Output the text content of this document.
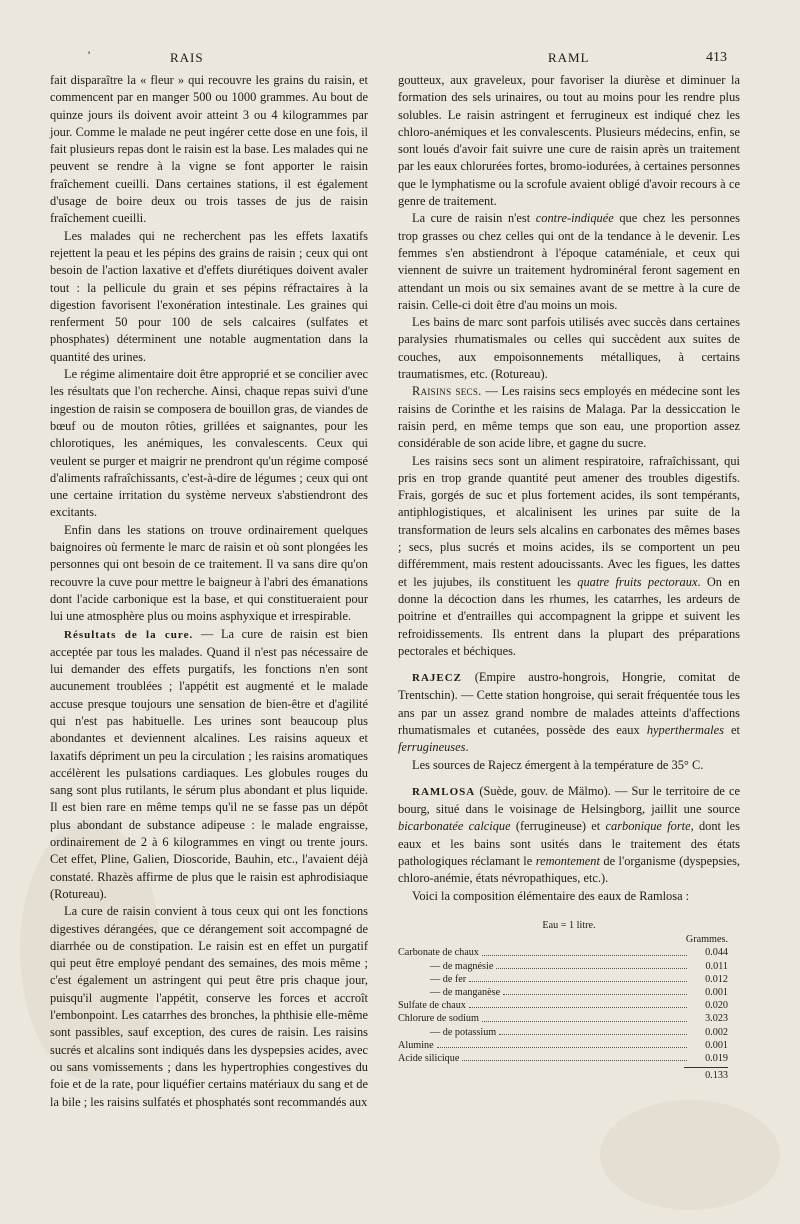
'	RAIS	RAML	413

fait disparaître la « fleur » qui recouvre les grains du raisin, et commencent par en manger 500 ou 1000 grammes. Au bout de quinze jours ils doivent avoir atteint 3 ou 4 kilogrammes par jour. Comme le malade ne peut ingérer cette dose en une fois, il fait plusieurs repas dont le raisin est la base. Les malades qui ne peuvent se rendre à la vigne se font apporter le raisin fraîchement cueilli. Dans certaines stations, il est également d'usage de boire deux ou trois tasses de jus de raisin fraîchement cueilli.

Les malades qui ne recherchent pas les effets laxatifs rejettent la peau et les pépins des grains de raisin ; ceux qui ont besoin de l'action laxative et d'effets diurétiques doivent avaler tout : la pellicule du grain et ses pépins réfractaires à la digestion favorisent l'exonération intestinale. Les graines qui renferment 50 pour 100 de sels calcaires (sulfates et phosphates) déterminent une notable augmentation dans la quantité des urines.

Le régime alimentaire doit être approprié et se concilier avec les résultats que l'on recherche. Ainsi, chaque repas suivi d'une ingestion de raisin se composera de bouillon gras, de viandes de bœuf ou de mouton rôties, grillées et saignantes, pour les chlorotiques, les anémiques, les convalescents. Ceux qui veulent se purger et maigrir ne prendront qu'un régime composé d'aliments rafraîchissants, c'est-à-dire de légumes ; ceux qui ont une certaine irritation du système nerveux s'abstiendront des excitants.

Enfin dans les stations on trouve ordinairement quelques baignoires où fermente le marc de raisin et où sont plongées les personnes qui ont besoin de ce traitement. Il va sans dire qu'on recouvre la cuve pour mettre le baigneur à l'abri des émanations dont l'acide carbonique est la base, et qui constitueraient pour lui une atmosphère plus ou moins asphyxique et irrespirable.

Résultats de la cure. — La cure de raisin est bien acceptée par tous les malades. Quand il n'est pas nécessaire de lui demander des effets purgatifs, les fonctions n'en sont aucunement troublées ; l'appétit est augmenté et le malade accuse presque toujours une sensation de bien-être et d'agilité qui n'est pas habituelle. Les urines sont beaucoup plus abondantes et deviennent alcalines. Les raisins aqueux et laxatifs dépriment un peu la circulation ; les raisins aromatiques accélèrent les pulsations cardiaques. Les globules rouges du sang sont plus rutilants, le sérum plus abondant et plus liquide. Il est bien rare en même temps qu'il ne se fasse pas un dépôt plus abondant de substance adipeuse : le malade engraisse, ordinairement de 2 à 6 kilogrammes en vingt ou trente jours. Cet effet, Pline, Galien, Dioscoride, Bauhin, etc., l'avaient déjà constaté. Rhazès affirme de plus que le raisin est aphrodisiaque (Rotureau).

La cure de raisin convient à tous ceux qui ont les fonctions digestives dérangées, que ce dérangement soit accompagné de diarrhée ou de constipation. Le raisin est en effet un purgatif qui peut être employé pendant des semaines, des mois même ; c'est également un astringent qui peut être pris chaque jour, puisqu'il augmente l'appétit, conserve les forces et accroît l'embonpoint. Les catarrhes des bronches, la phthisie elle-même sont passibles, sauf exception, des cures de raisin. Les raisins sucrés et alcalins sont indiqués dans les dyspepsies acides, avec ou sans vomissements ; dans les hypertrophies congestives du foie et de la rate, pour liquéfier certains matériaux du sang et de la bile ; les raisins sulfatés et phosphatés sont recommandés aux

goutteux, aux graveleux, pour favoriser la diurèse et diminuer la formation des sels urinaires, ou tout au moins pour les rendre plus solubles. Le raisin astringent et ferrugineux est indiqué chez les chloro-anémiques et les convalescents. Plusieurs médecins, enfin, se sont loués d'avoir fait suivre une cure de raisin après un traitement par les eaux chlorurées fortes, bromo-iodurées, à certaines personnes que le lymphatisme ou la scrofule avaient obligé d'avoir recours à ce genre de traitement.

La cure de raisin n'est contre-indiquée que chez les personnes trop grasses ou chez celles qui ont de la tendance à le devenir. Les femmes s'en abstiendront à l'époque cataméniale, et ceux qui viennent de suivre un traitement hydrominéral feront sagement en attendant un mois ou six semaines avant de se mettre à la cure de raisin. Celle-ci doit être d'au moins un mois.

Les bains de marc sont parfois utilisés avec succès dans certaines paralysies rhumatismales ou celles qui succèdent aux suites de couches, aux empoisonnements métalliques, à certains traumatismes, etc. (Rotureau).

Raisins secs. — Les raisins secs employés en médecine sont les raisins de Corinthe et les raisins de Malaga. Par la dessiccation le raisin perd, en même temps que son eau, une proportion assez considérable de son acide libre, et gagne du sucre.

Les raisins secs sont un aliment respiratoire, rafraîchissant, qui pris en trop grande quantité peut amener des troubles digestifs. Frais, gorgés de suc et plus fortement acides, ils sont tempérants, antiphlogistiques, et alcalinisent les urines par suite de la transformation de leurs sels alcalins en carbonates des mêmes bases ; secs, plus sucrés et moins acides, ils se comportent un peu différemment, mais restent adoucissants. Avec les figues, les dattes et les jujubes, ils constituent les quatre fruits pectoraux. On en donne la décoction dans les rhumes, les catarrhes, les ardeurs de poitrine et d'entrailles qui accompagnent la grippe et suivent les refroidissements. Ils entrent dans la plupart des préparations pectorales et béchiques.

RAJECZ (Empire austro-hongrois, Hongrie, comitat de Trentschin). — Cette station hongroise, qui serait fréquentée tous les ans par un assez grand nombre de malades atteints d'affections rhumatismales et cutanées, possède des eaux hyperthermales et ferrugineuses.

Les sources de Rajecz émergent à la température de 35° C.

RAMLOSA (Suède, gouv. de Mälmo). — Sur le territoire de ce bourg, situé dans le voisinage de Helsingborg, jaillit une source bicarbonatée calcique (ferrugineuse) et carbonique forte, dont les eaux et les bains sont usités dans le traitement des états pathologiques réclamant le remontement de l'organisme (dyspepsies, chloro-anémie, états névropathiques, etc.).

Voici la composition élémentaire des eaux de Ramlosa :

Eau = 1 litre.
Grammes.
Carbonate de chaux	0.044
— de magnésie	0.011
— de fer	0.012
— de manganèse	0.001
Sulfate de chaux	0.020
Chlorure de sodium	3.023
— de potassium	0.002
Alumine	0.001
Acide silicique	0.019
0.133
